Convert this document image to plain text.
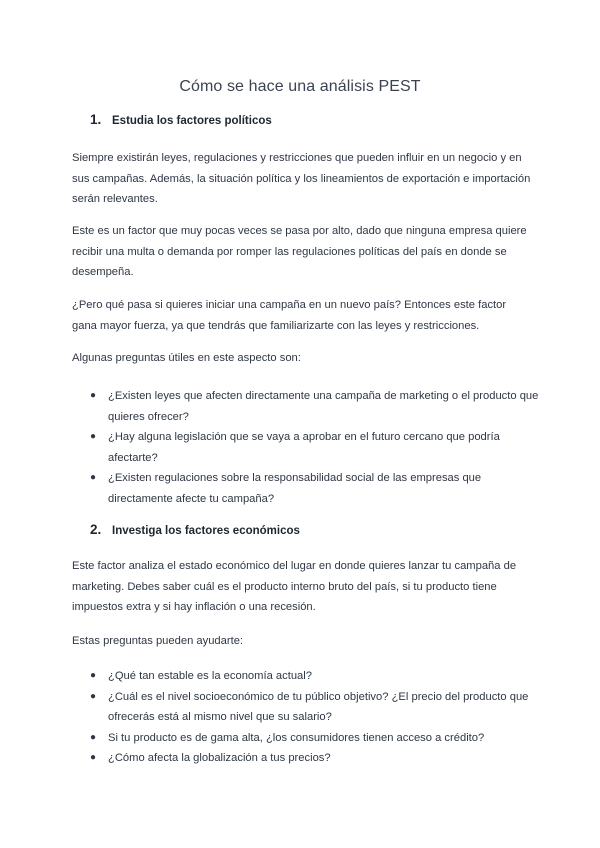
Cómo se hace una análisis PEST
1. Estudia los factores políticos
Siempre existirán leyes, regulaciones y restricciones que pueden influir en un negocio y en sus campañas. Además, la situación política y los lineamientos de exportación e importación serán relevantes.
Este es un factor que muy pocas veces se pasa por alto, dado que ninguna empresa quiere recibir una multa o demanda por romper las regulaciones políticas del país en donde se desempeña.
¿Pero qué pasa si quieres iniciar una campaña en un nuevo país? Entonces este factor gana mayor fuerza, ya que tendrás que familiarizarte con las leyes y restricciones.
Algunas preguntas útiles en este aspecto son:
● ¿Existen leyes que afecten directamente una campaña de marketing o el producto que quieres ofrecer?
● ¿Hay alguna legislación que se vaya a aprobar en el futuro cercano que podría afectarte?
● ¿Existen regulaciones sobre la responsabilidad social de las empresas que directamente afecte tu campaña?
2. Investiga los factores económicos
Este factor analiza el estado económico del lugar en donde quieres lanzar tu campaña de marketing. Debes saber cuál es el producto interno bruto del país, si tu producto tiene impuestos extra y si hay inflación o una recesión.
Estas preguntas pueden ayudarte:
● ¿Qué tan estable es la economía actual?
● ¿Cuál es el nivel socioeconómico de tu público objetivo? ¿El precio del producto que ofrecerás está al mismo nivel que su salario?
● Si tu producto es de gama alta, ¿los consumidores tienen acceso a crédito?
● ¿Cómo afecta la globalización a tus precios?
